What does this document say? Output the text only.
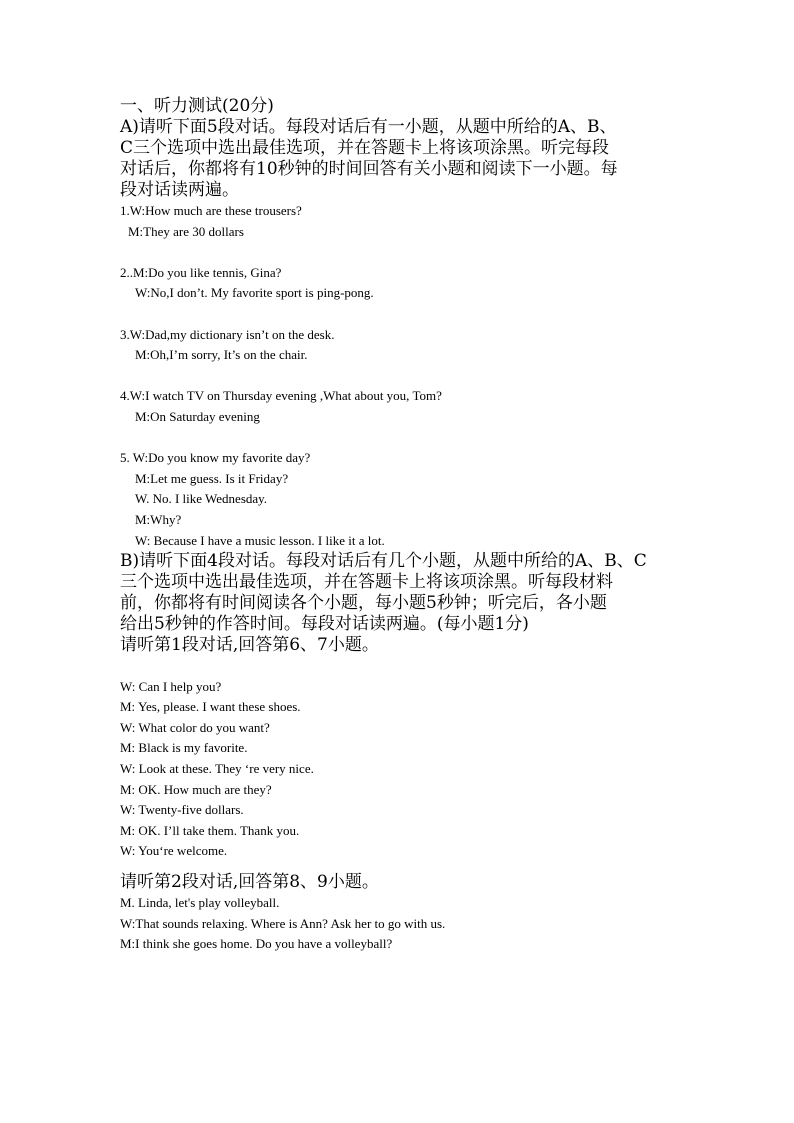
一、听力测试(20分)

A)请听下面5段对话。每段对话后有一小题，从题中所给的A、B、

C三个选项中选出最佳选项，并在答题卡上将该项涂黑。听完每段

对话后，你都将有10秒钟的时间回答有关小题和阅读下一小题。每

段对话读两遍。

1.W:How much are these trousers?

M:They are 30 dollars

2..M:Do you like tennis, Gina?

W:No,I don’t. My favorite sport is ping-pong.

3.W:Dad,my dictionary isn’t on the desk.

M:Oh,I’m sorry, It’s on the chair.

4.W:I watch TV on Thursday evening ,What about you, Tom?

M:On Saturday evening

5. W:Do you know my favorite day?

M:Let me guess. Is it Friday?

W. No. I like Wednesday.

M:Why?

W: Because I have a music lesson. I like it a lot.

B)请听下面4段对话。每段对话后有几个小题，从题中所给的A、B、C

三个选项中选出最佳选项，并在答题卡上将该项涂黑。听每段材料

前，你都将有时间阅读各个小题，每小题5秒钟；听完后，各小题

给出5秒钟的作答时间。每段对话读两遍。(每小题1分)

请听第1段对话,回答第6、7小题。

W: Can I help you?

M: Yes, please. I want these shoes.

W: What color do you want?

M: Black is my favorite.

W: Look at these. They ‘re very nice.

M: OK. How much are they?

W: Twenty-five dollars.

M: OK. I’ll take them. Thank you.

W: You‘re welcome.

请听第2段对话,回答第8、9小题。

M. Linda, let's play volleyball.

W:That sounds relaxing. Where is Ann? Ask her to go with us.

M:I think she goes home. Do you have a volleyball?
